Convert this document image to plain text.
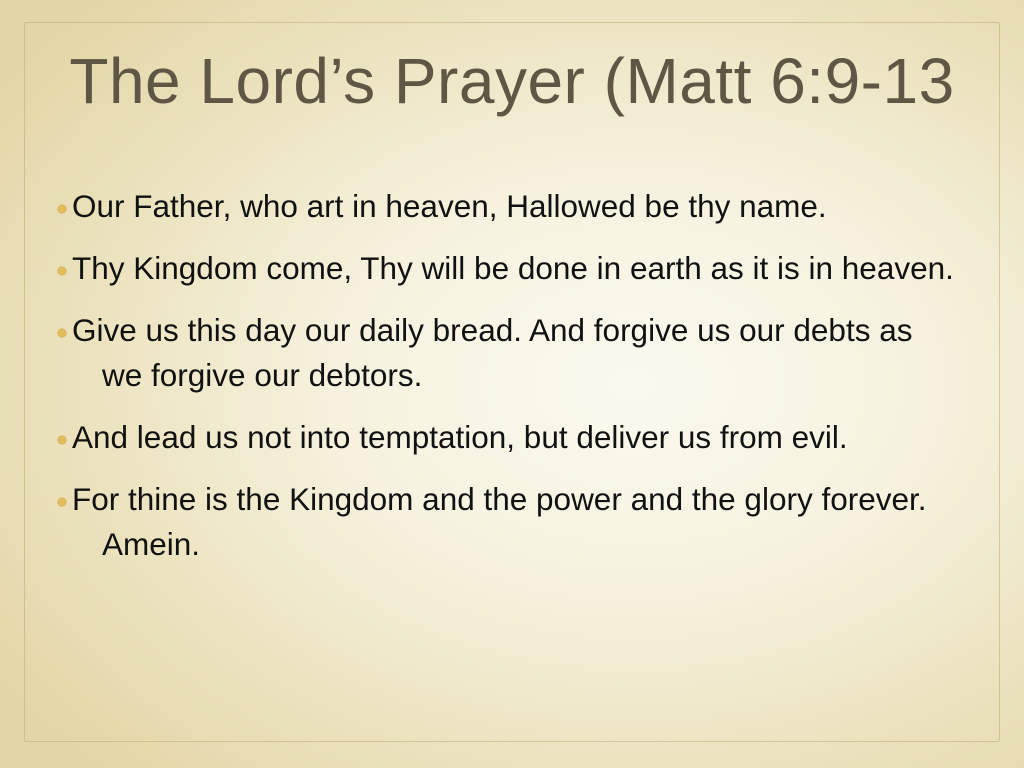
The Lord’s Prayer (Matt 6:9-13
Our Father, who art in heaven, Hallowed be thy name.
Thy Kingdom come, Thy will be done in earth as it is in heaven.
Give us this day our daily bread. And forgive us our debts as we forgive our debtors.
And lead us not into temptation, but deliver us from evil.
For thine is the Kingdom and the power and the glory forever. Amein.
